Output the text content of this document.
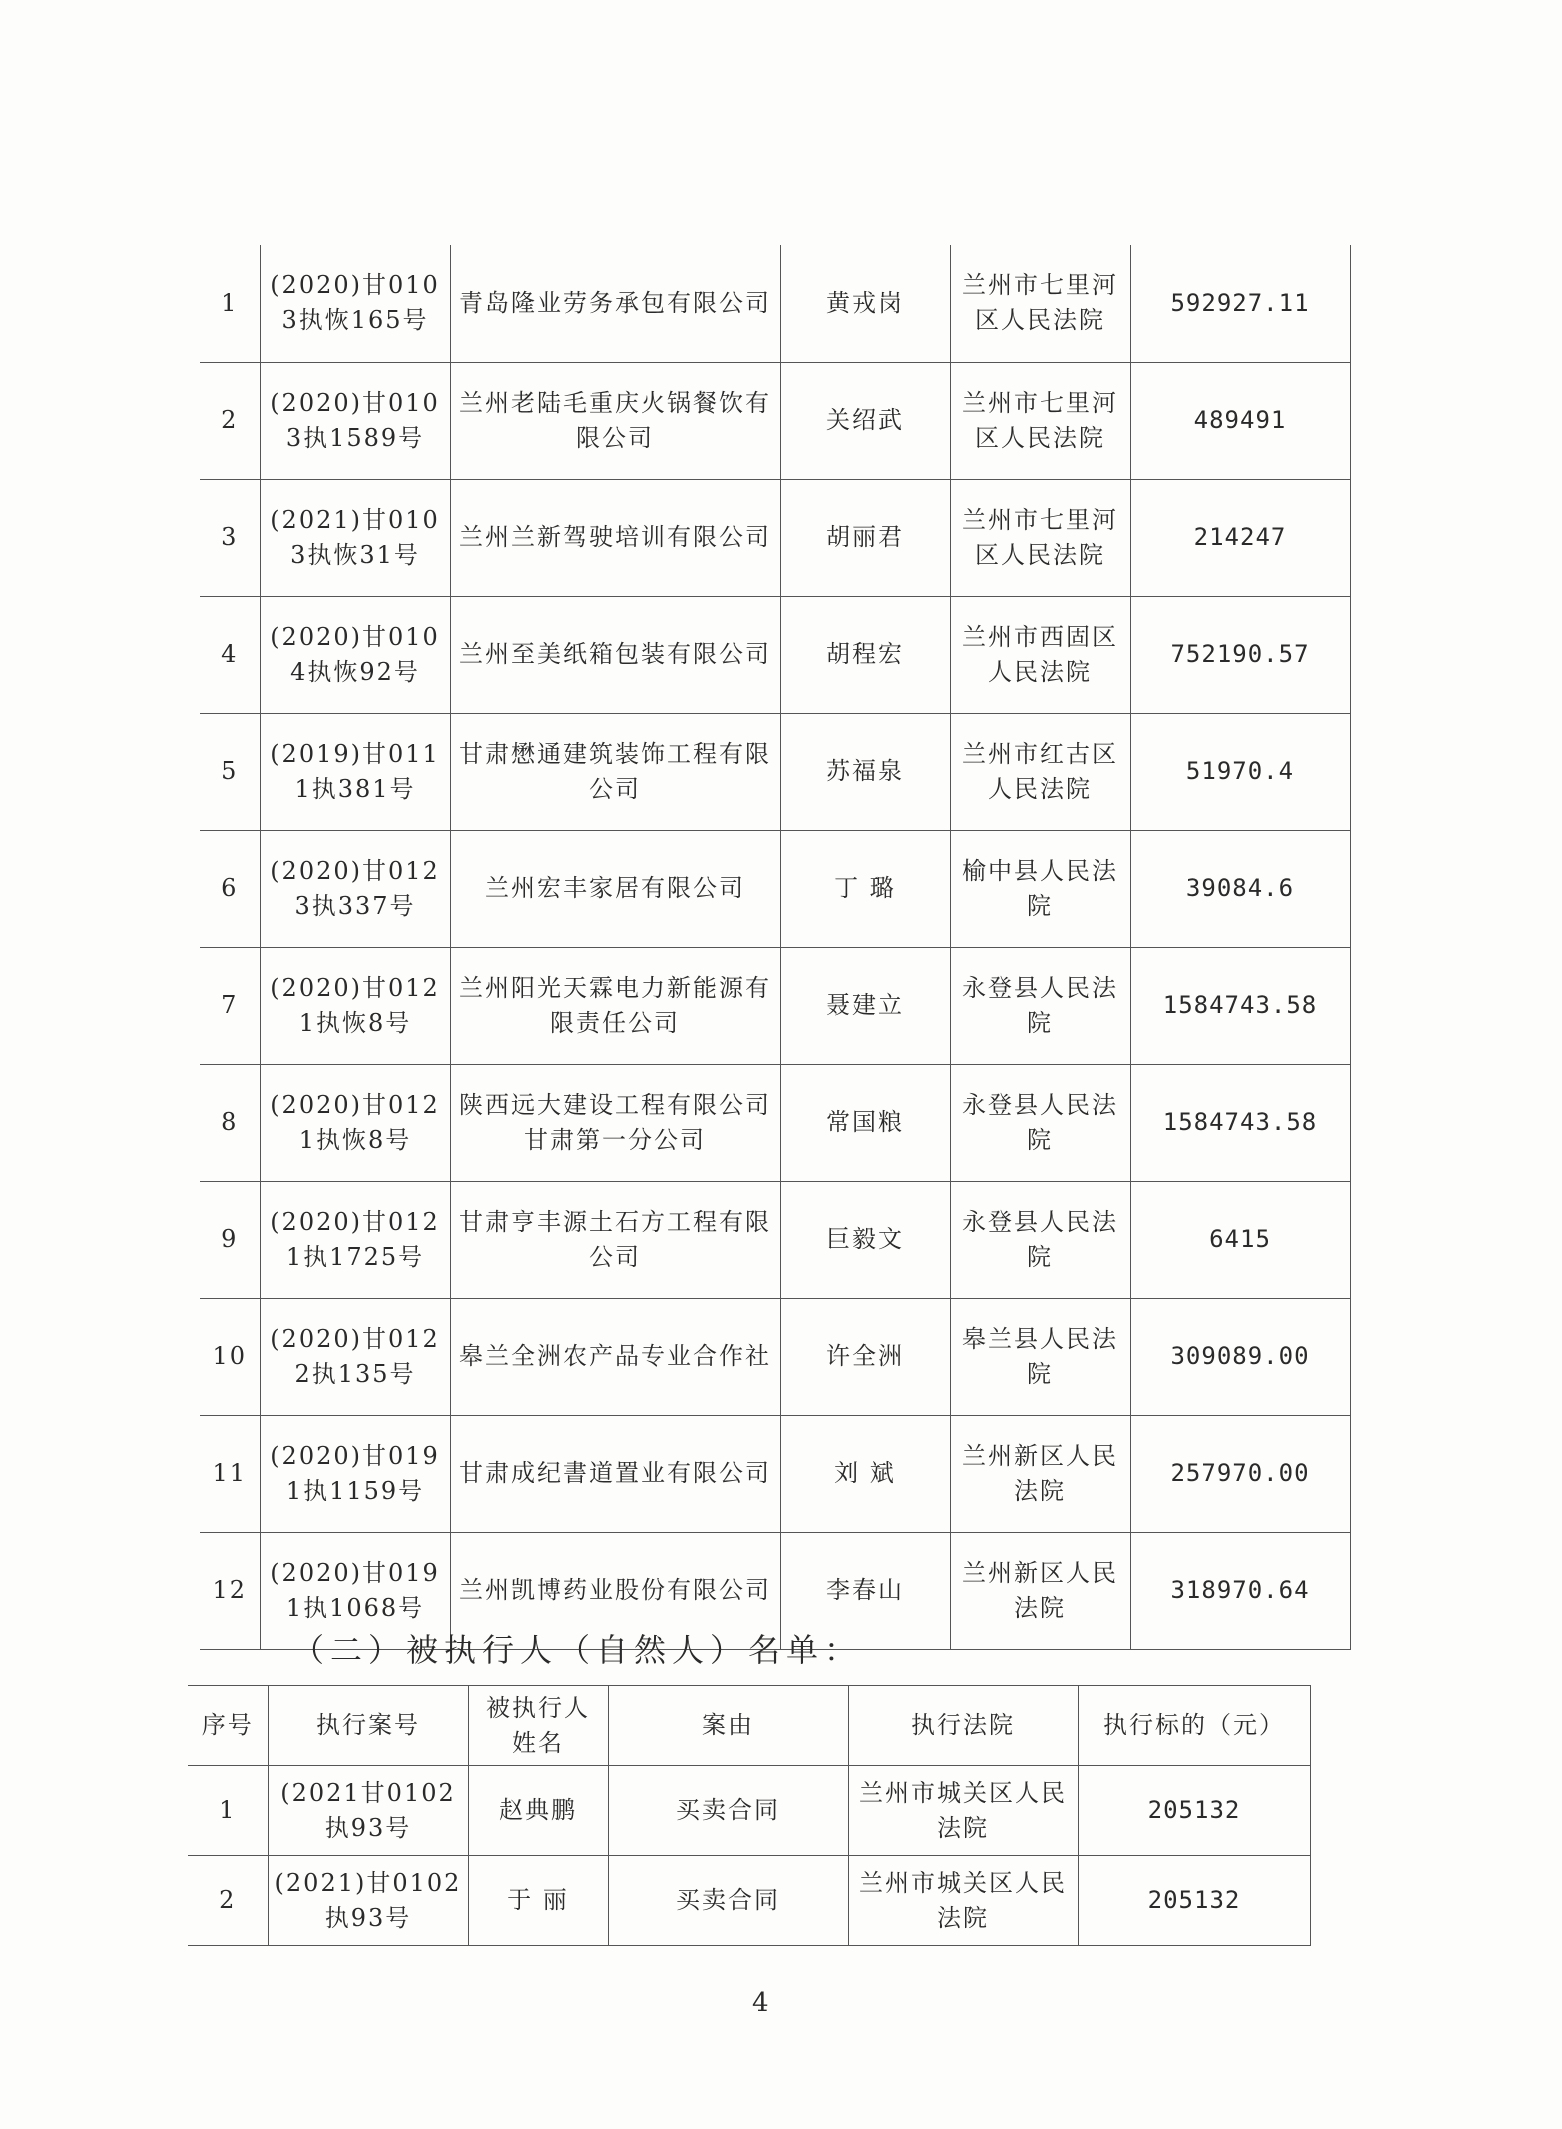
1	(2020)甘0103执恢165号	青岛隆业劳务承包有限公司	黄戎岗	兰州市七里河区人民法院	592927.11
2	(2020)甘0103执1589号	兰州老陆毛重庆火锅餐饮有限公司	关绍武	兰州市七里河区人民法院	489491
3	(2021)甘0103执恢31号	兰州兰新驾驶培训有限公司	胡丽君	兰州市七里河区人民法院	214247
4	(2020)甘0104执恢92号	兰州至美纸箱包装有限公司	胡程宏	兰州市西固区人民法院	752190.57
5	(2019)甘0111执381号	甘肃懋通建筑装饰工程有限公司	苏福泉	兰州市红古区人民法院	51970.4
6	(2020)甘0123执337号	兰州宏丰家居有限公司	丁 璐	榆中县人民法院	39084.6
7	(2020)甘0121执恢8号	兰州阳光天霖电力新能源有限责任公司	聂建立	永登县人民法院	1584743.58
8	(2020)甘0121执恢8号	陕西远大建设工程有限公司甘肃第一分公司	常国粮	永登县人民法院	1584743.58
9	(2020)甘0121执1725号	甘肃亨丰源土石方工程有限公司	巨毅文	永登县人民法院	6415
10	(2020)甘0122执135号	皋兰全洲农产品专业合作社	许全洲	皋兰县人民法院	309089.00
11	(2020)甘0191执1159号	甘肃成纪書道置业有限公司	刘 斌	兰州新区人民法院	257970.00
12	(2020)甘0191执1068号	兰州凯博药业股份有限公司	李春山	兰州新区人民法院	318970.64
（二）被执行人（自然人）名单：
序号	执行案号	被执行人姓名	案由	执行法院	执行标的（元）
1	(2021甘0102执93号	赵典鹏	买卖合同	兰州市城关区人民法院	205132
2	(2021)甘0102执93号	于 丽	买卖合同	兰州市城关区人民法院	205132
4
